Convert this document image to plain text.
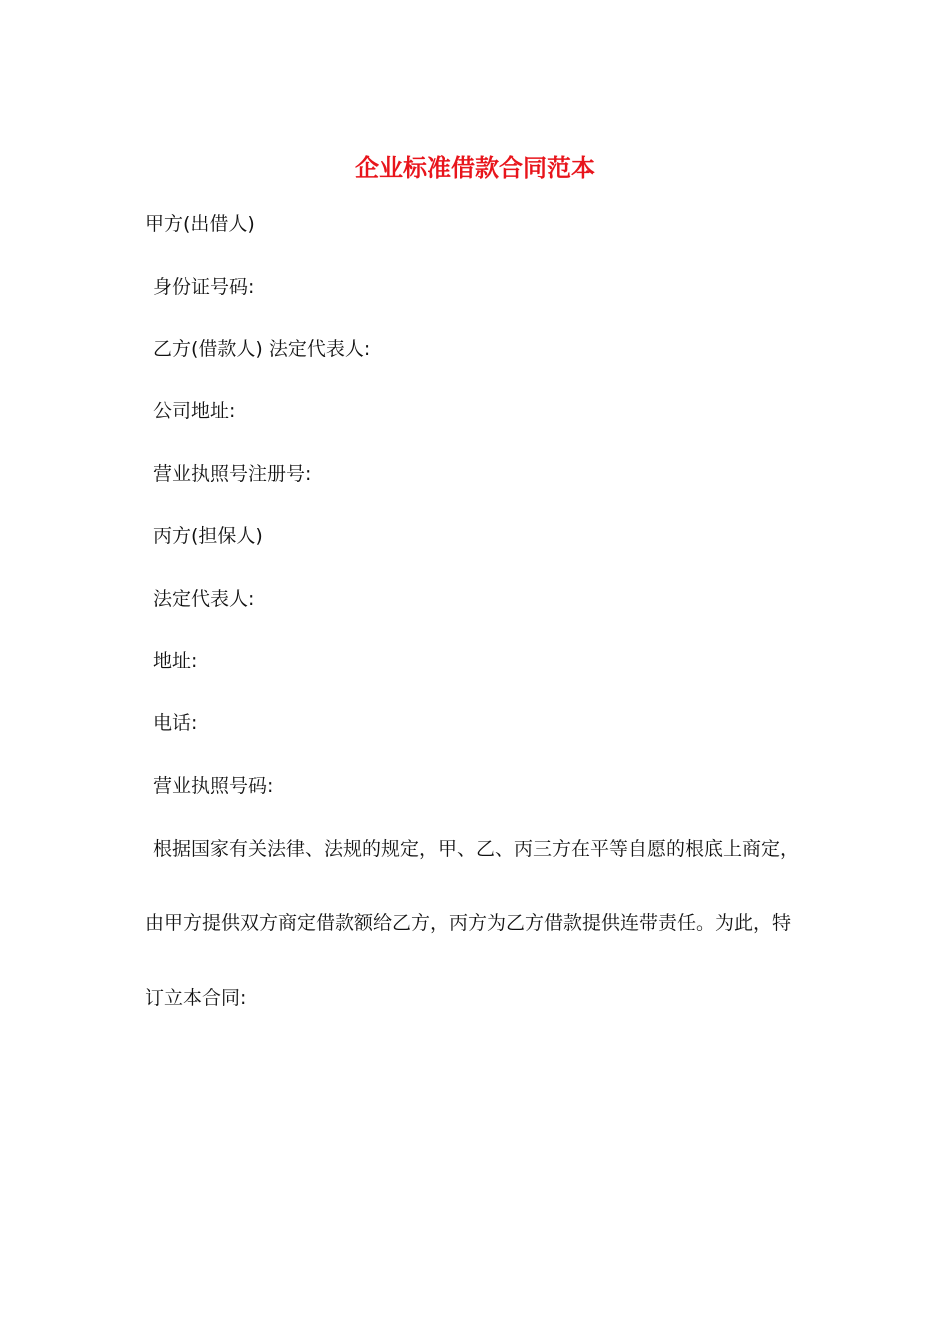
企业标准借款合同范本

甲方(出借人)

身份证号码:

乙方(借款人) 法定代表人:

公司地址:

营业执照号注册号:

丙方(担保人)

法定代表人:

地址:

电话:

营业执照号码:

根据国家有关法律、法规的规定，甲、乙、丙三方在平等自愿的根底上商定，

由甲方提供双方商定借款额给乙方，丙方为乙方借款提供连带责任。为此，特

订立本合同:
